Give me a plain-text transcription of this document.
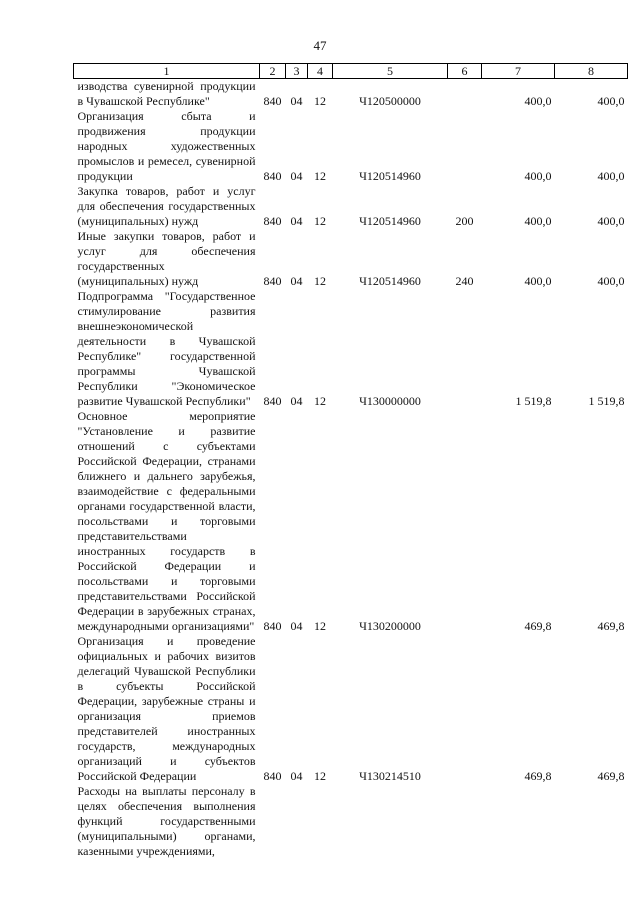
47
1	2	3	4	5	6	7	8
изводства сувенирной продукции в Чувашской Республике"	840	04	12	Ч120500000		400,0	400,0
Организация сбыта и продвижения продукции народных художественных промыслов и ремесел, сувенирной продукции	840	04	12	Ч120514960		400,0	400,0
Закупка товаров, работ и услуг для обеспечения государственных (муниципальных) нужд	840	04	12	Ч120514960	200	400,0	400,0
Иные закупки товаров, работ и услуг для обеспечения государственных (муниципальных) нужд	840	04	12	Ч120514960	240	400,0	400,0
Подпрограмма "Государственное стимулирование развития внешнеэкономической деятельности в Чувашской Республике" государственной программы Чувашской Республики "Экономическое развитие Чувашской Республики"	840	04	12	Ч130000000		1 519,8	1 519,8
Основное мероприятие "Установление и развитие отношений с субъектами Российской Федерации, странами ближнего и дальнего зарубежья, взаимодействие с федеральными органами государственной власти, посольствами и торговыми представительствами иностранных государств в Российской Федерации и посольствами и торговыми представительствами Российской Федерации в зарубежных странах, международными организациями"	840	04	12	Ч130200000		469,8	469,8
Организация и проведение официальных и рабочих визитов делегаций Чувашской Республики в субъекты Российской Федерации, зарубежные страны и организация приемов представителей иностранных государств, международных организаций и субъектов Российской Федерации	840	04	12	Ч130214510		469,8	469,8
Расходы на выплаты персоналу в целях обеспечения выполнения функций государственными (муниципальными) органами, казенными учреждениями,							
